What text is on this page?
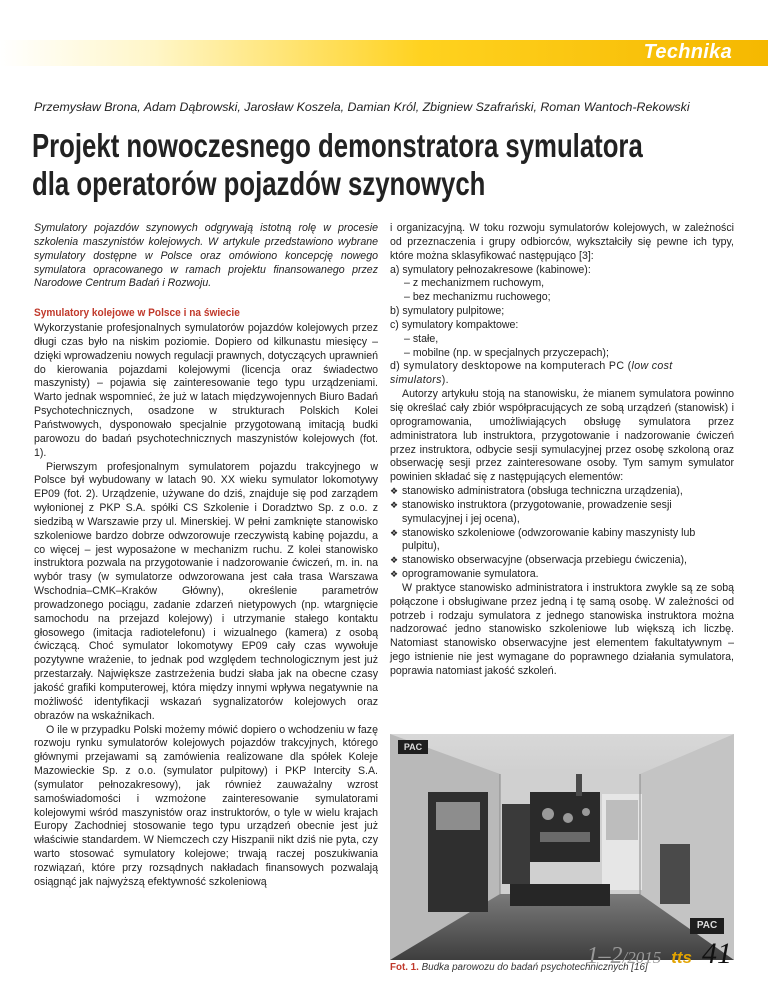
Technika
Przemysław Brona, Adam Dąbrowski, Jarosław Koszela, Damian Król, Zbigniew Szafrański, Roman Wantoch-Rekowski
Projekt nowoczesnego demonstratora symulatora
dla operatorów pojazdów szynowych

Symulatory pojazdów szynowych odgrywają istotną rolę w procesie szkolenia maszynistów kolejowych. W artykule przedstawiono wybrane symulatory dostępne w Polsce oraz omówiono koncepcję nowego symulatora opracowanego w ramach projektu finansowanego przez Narodowe Centrum Badań i Rozwoju.

Symulatory kolejowe w Polsce i na świecie

Wykorzystanie profesjonalnych symulatorów pojazdów kolejowych przez długi czas było na niskim poziomie. Dopiero od kilkunastu miesięcy – dzięki wprowadzeniu nowych regulacji prawnych, dotyczących uprawnień do kierowania pojazdami kolejowymi (licencja oraz świadectwo maszynisty) – pojawia się zainteresowanie tego typu urządzeniami. Warto jednak wspomnieć, że już w latach międzywojennych Biuro Badań Psychotechnicznych, osadzone w strukturach Polskich Kolei Państwowych, dysponowało specjalnie przygotowaną imitacją budki parowozu do badań psychotechnicznych maszynistów kolejowych (fot. 1).

Pierwszym profesjonalnym symulatorem pojazdu trakcyjnego w Polsce był wybudowany w latach 90. XX wieku symulator lokomotywy EP09 (fot. 2). Urządzenie, używane do dziś, znajduje się pod zarządem wyłonionej z PKP S.A. spółki CS Szkolenie i Doradztwo Sp. z o.o. z siedzibą w Warszawie przy ul. Minerskiej. W pełni zamknięte stanowisko szkoleniowe bardzo dobrze odwzorowuje rzeczywistą kabinę pojazdu, a co więcej – jest wyposażone w mechanizm ruchu. Z kolei stanowisko instruktora pozwala na przygotowanie i nadzorowanie ćwiczeń, m. in. na wybór trasy (w symulatorze odwzorowana jest cała trasa Warszawa Wschodnia–CMK–Kraków Główny), określenie parametrów prowadzonego pociągu, zadanie zdarzeń nietypowych (np. wtargnięcie samochodu na przejazd kolejowy) i utrzymanie stałego kontaktu głosowego (imitacja radiotelefonu) i wizualnego (kamera) z osobą ćwiczącą. Choć symulator lokomotywy EP09 cały czas wywołuje pozytywne wrażenie, to jednak pod względem technologicznym jest już przestarzały. Największe zastrzeżenia budzi słaba jak na obecne czasy jakość grafiki komputerowej, która między innymi wpływa negatywnie na możliwość identyfikacji wskazań sygnalizatorów kolejowych oraz obrazów na wskaźnikach.

O ile w przypadku Polski możemy mówić dopiero o wchodzeniu w fazę rozwoju rynku symulatorów kolejowych pojazdów trakcyjnych, którego głównymi przejawami są zamówienia realizowane dla spółek Koleje Mazowieckie Sp. z o.o. (symulator pulpitowy) i PKP Intercity S.A. (symulator pełnozakresowy), jak również zauważalny wzrost samoświadomości i wzmożone zainteresowanie symulatorami kolejowymi wśród maszynistów oraz instruktorów, o tyle w wielu krajach Europy Zachodniej stosowanie tego typu urządzeń obecnie jest już właściwie standardem. W Niemczech czy Hiszpanii nikt dziś nie pyta, czy warto stosować symulatory kolejowe; trwają raczej poszukiwania rozwiązań, które przy rozsądnych nakładach finansowych pozwalają osiągnąć jak najwyższą efektywność szkoleniową

i organizacyjną. W toku rozwoju symulatorów kolejowych, w zależności od przeznaczenia i grupy odbiorców, wykształciły się pewne ich typy, które można sklasyfikować następująco [3]:

a) symulatory pełnozakresowe (kabinowe):
– z mechanizmem ruchowym,
– bez mechanizmu ruchowego;
b) symulatory pulpitowe;
c) symulatory kompaktowe:
– stałe,
– mobilne (np. w specjalnych przyczepach);
d) symulatory desktopowe na komputerach PC (low cost simulators).

Autorzy artykułu stoją na stanowisku, że mianem symulatora powinno się określać cały zbiór współpracujących ze sobą urządzeń (stanowisk) i oprogramowania, umożliwiających obsługę symulatora przez administratora lub instruktora, przygotowanie i nadzorowanie ćwiczeń przez instruktora, odbycie sesji symulacyjnej przez osobę szkoloną oraz obserwację sesji przez zainteresowane osoby. Tym samym symulator powinien składać się z następujących elementów:

❖ stanowisko administratora (obsługa techniczna urządzenia),
❖ stanowisko instruktora (przygotowanie, prowadzenie sesji symulacyjnej i jej ocena),
❖ stanowisko szkoleniowe (odwzorowanie kabiny maszynisty lub pulpitu),
❖ stanowisko obserwacyjne (obserwacja przebiegu ćwiczenia),
❖ oprogramowanie symulatora.

W praktyce stanowisko administratora i instruktora zwykle są ze sobą połączone i obsługiwane przez jedną i tę samą osobę. W zależności od potrzeb i rodzaju symulatora z jednego stanowiska instruktora można nadzorować jedno stanowisko szkoleniowe lub większą ich liczbę. Natomiast stanowisko obserwacyjne jest elementem fakultatywnym – jego istnienie nie jest wymagane do poprawnego działania symulatora, poprawia natomiast jakość szkoleń.

PAC
PAC
Fot. 1. Budka parowozu do badań psychotechnicznych [16]
1–2/2015 tts 41
